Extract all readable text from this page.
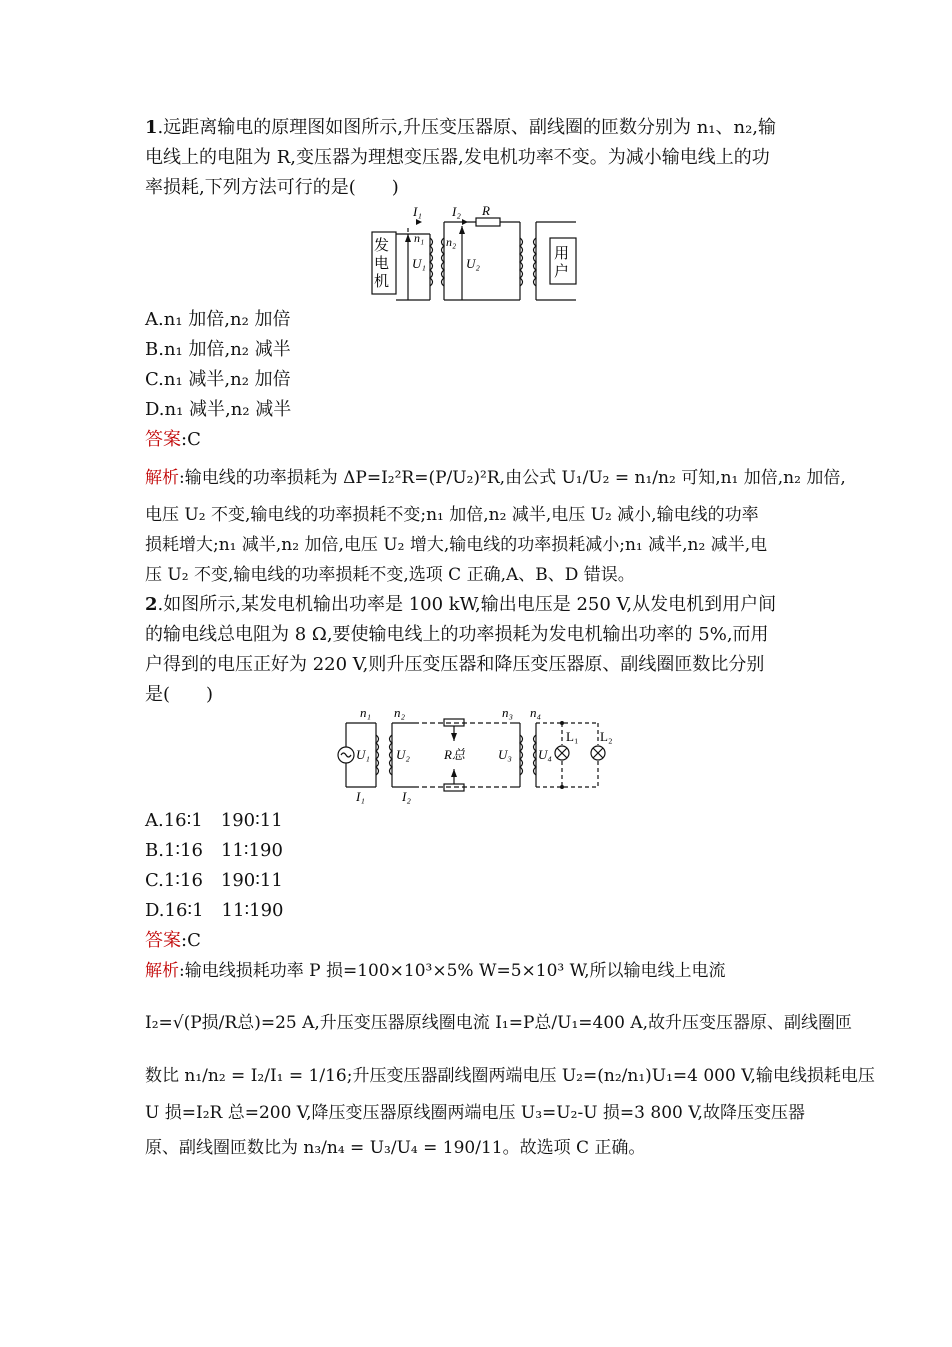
1.远距离输电的原理图如图所示,升压变压器原、副线圈的匝数分别为 n₁、n₂,输
电线上的电阻为 R,变压器为理想变压器,发电机功率不变。为减小输电线上的功
率损耗,下列方法可行的是(　　)
发
电
机
用
户
I₁ I₂ R
n₁ n₂
U₁	U₂
A.n₁ 加倍,n₂ 加倍
B.n₁ 加倍,n₂ 减半
C.n₁ 减半,n₂ 加倍
D.n₁ 减半,n₂ 减半
答案:C
解析:输电线的功率损耗为 ΔP=I₂²R=(P/U₂)²R,由公式 U₁/U₂ = n₁/n₂ 可知,n₁ 加倍,n₂ 加倍,
电压 U₂ 不变,输电线的功率损耗不变;n₁ 加倍,n₂ 减半,电压 U₂ 减小,输电线的功率
损耗增大;n₁ 减半,n₂ 加倍,电压 U₂ 增大,输电线的功率损耗减小;n₁ 减半,n₂ 减半,电
压 U₂ 不变,输电线的功率损耗不变,选项 C 正确,A、B、D 错误。
2.如图所示,某发电机输出功率是 100 kW,输出电压是 250 V,从发电机到用户间
的输电线总电阻为 8 Ω,要使输电线上的功率损耗为发电机输出功率的 5%,而用
户得到的电压正好为 220 V,则升压变压器和降压变压器原、副线圈匝数比分别
是(　　)
n₁ n₂	n₃ n₄
U₁ U₂	R总	U₃ U₄
L₁ L₂
I₁	I₂
A.16∶1　190∶11
B.1∶16　11∶190
C.1∶16　190∶11
D.16∶1　11∶190
答案:C
解析:输电线损耗功率 P 损=100×10³×5% W=5×10³ W,所以输电线上电流
I₂=√(P损/R总)=25 A,升压变压器原线圈电流 I₁=P总/U₁=400 A,故升压变压器原、副线圈匝
数比 n₁/n₂ = I₂/I₁ = 1/16;升压变压器副线圈两端电压 U₂=(n₂/n₁)U₁=4 000 V,输电线损耗电压
U 损=I₂R 总=200 V,降压变压器原线圈两端电压 U₃=U₂-U 损=3 800 V,故降压变压器
原、副线圈匝数比为 n₃/n₄ = U₃/U₄ = 190/11。故选项 C 正确。
